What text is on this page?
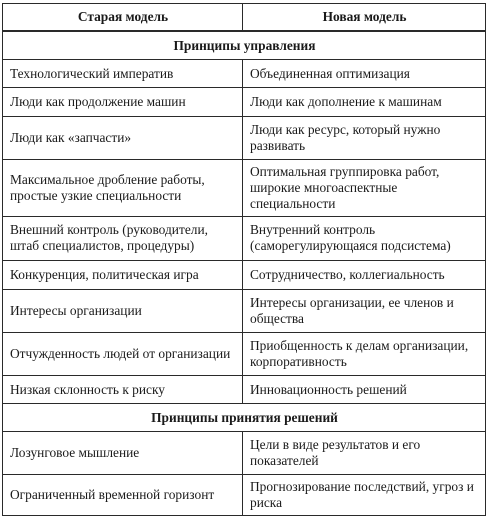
Старая модель	Новая модель
Принципы управления	
Технологический императив	Объединенная оптимизация
Люди как продолжение машин	Люди как дополнение к машинам
Люди как «запчасти»	Люди как ресурс, который нужно развивать
Максимальное дробление работы, простые узкие специальности	Оптимальная группировка работ, широкие многоаспектные специальности
Внешний контроль (руководители, штаб специалистов, процедуры)	Внутренний контроль (саморегулирующаяся подсистема)
Конкуренция, политическая игра	Сотрудничество, коллегиальность
Интересы организации	Интересы организации, ее членов и общества
Отчужденность людей от организации	Приобщенность к делам организации, корпоративность
Низкая склонность к риску	Инновационность решений
Принципы принятия решений	
Лозунговое мышление	Цели в виде результатов и его показателей
Ограниченный временной горизонт	Прогнозирование последствий, угроз и риска
